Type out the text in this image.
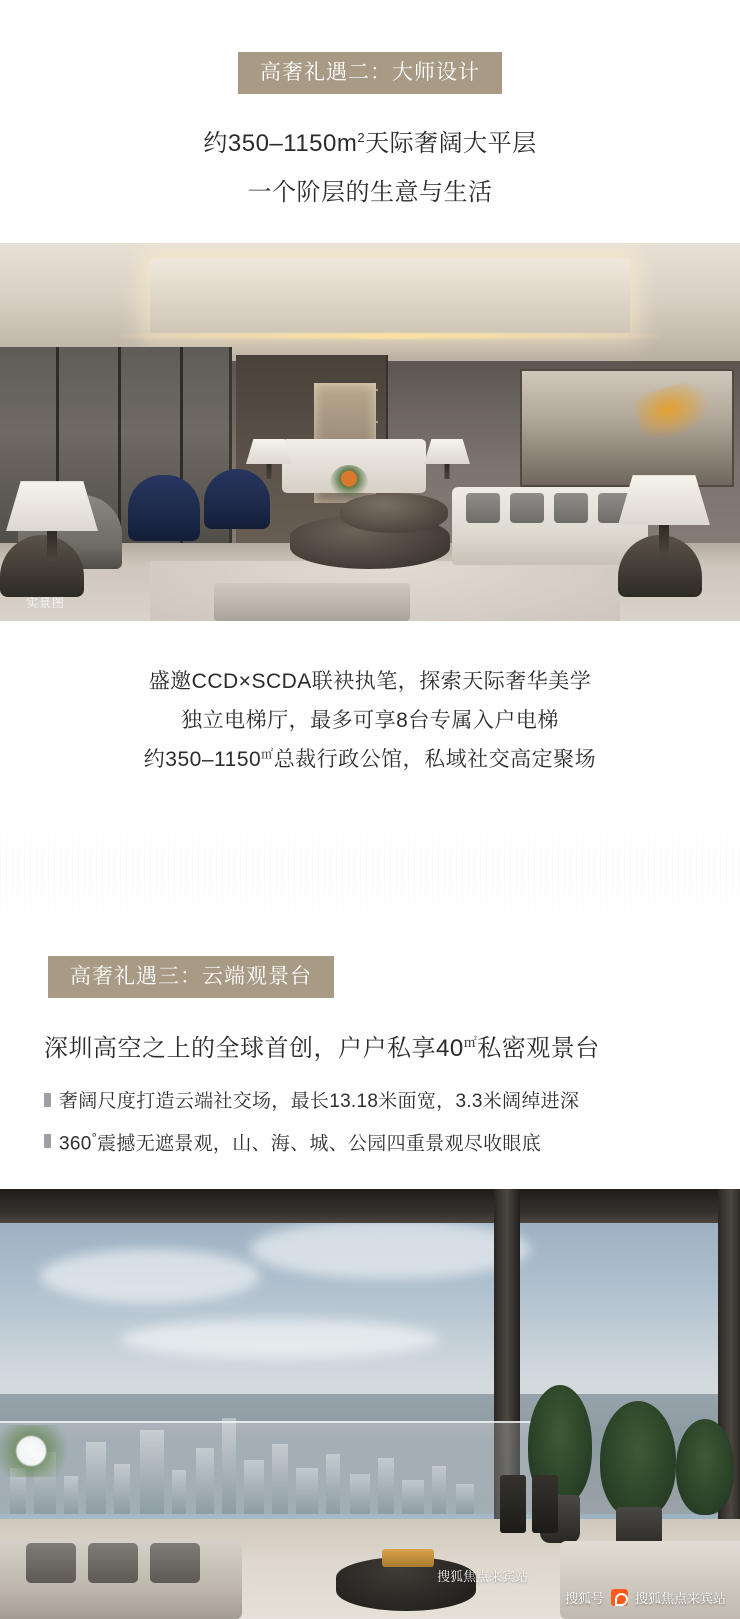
高奢礼遇二：大师设计
约$350-1150m^2$天际奢阔大平层
一个阶层的生意与生活
实景图
盛邀CCD×SCDA联袂执笔，探索天际奢华美学
独立电梯厅，最多可享8台专属入户电梯
约350–1150㎡总裁行政公馆，私域社交高定聚场
高奢礼遇三：云端观景台
深圳高空之上的全球首创，户户私享40㎡私密观景台
奢阔尺度打造云端社交场，最长13.18米面宽，3.3米阔绰进深
360°震撼无遮景观，山、海、城、公园四重景观尽收眼底
搜狐焦点来宾站
搜狐号 搜狐焦点来宾站
